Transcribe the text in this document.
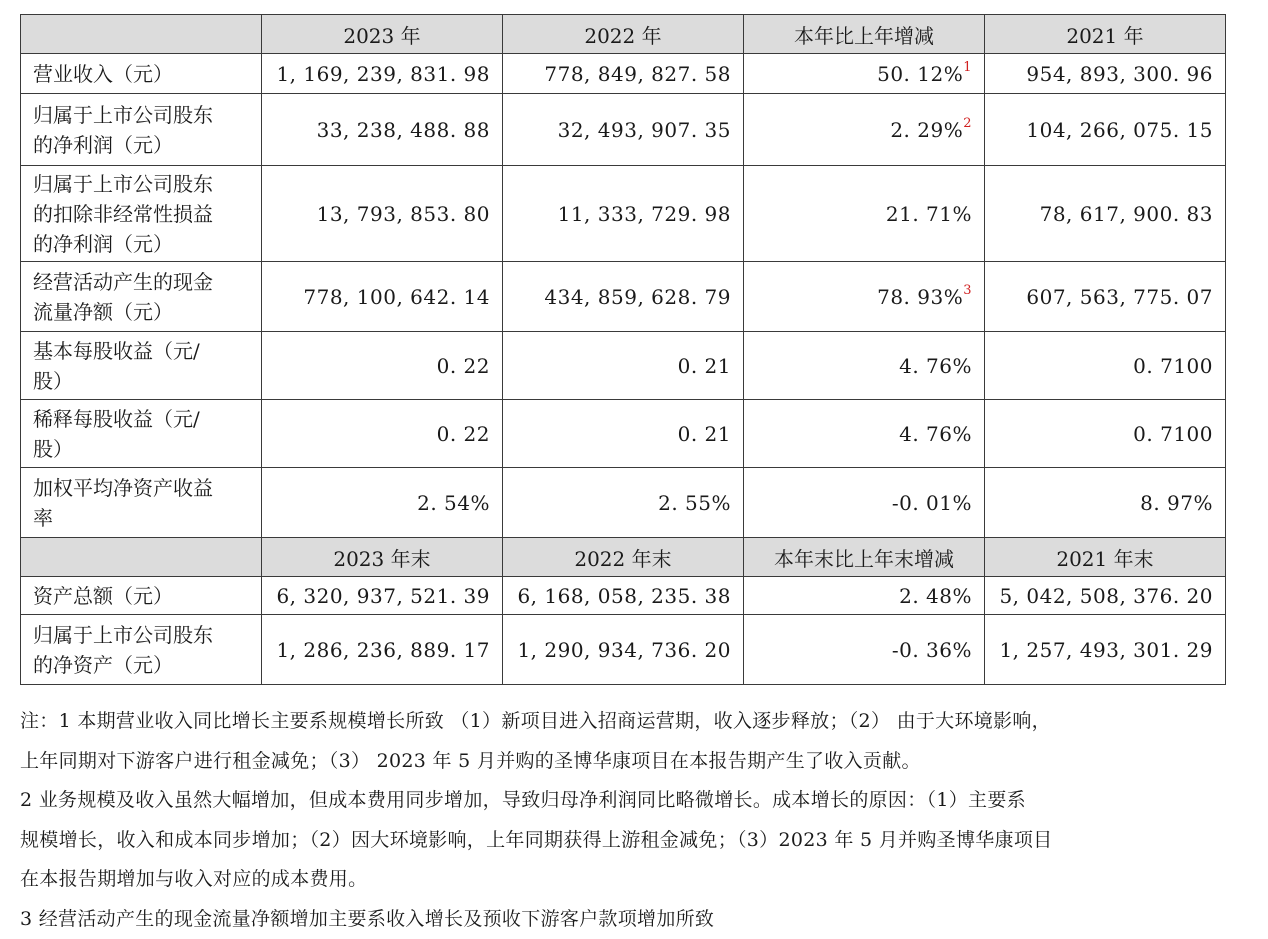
	2023 年	2022 年	本年比上年增减	2021 年

营业收入（元）	1, 169, 239, 831. 98	778, 849, 827. 58	50. 12%$^1$	954, 893, 300. 96

归属于上市公司股东
的净利润（元）	33, 238, 488. 88	32, 493, 907. 35	2. 29%$^2$	104, 266, 075. 15

归属于上市公司股东
的扣除非经常性损益
的净利润（元）	13, 793, 853. 80	11, 333, 729. 98	21. 71%	78, 617, 900. 83

经营活动产生的现金
流量净额（元）	778, 100, 642. 14	434, 859, 628. 79	78. 93%$^3$	607, 563, 775. 07

基本每股收益（元/
股）	0. 22	0. 21	4. 76%	0. 7100

稀释每股收益（元/
股）	0. 22	0. 21	4. 76%	0. 7100

加权平均净资产收益
率	2. 54%	2. 55%	-0. 01%	8. 97%
	2023 年末	2022 年末	本年末比上年末增减	2021 年末

资产总额（元）	6, 320, 937, 521. 39	6, 168, 058, 235. 38	2. 48%	5, 042, 508, 376. 20

归属于上市公司股东
的净资产（元）	1, 286, 236, 889. 17	1, 290, 934, 736. 20	-0. 36%	1, 257, 493, 301. 29

注：1 本期营业收入同比增长主要系规模增长所致 （1）新项目进入招商运营期，收入逐步释放；（2） 由于大环境影响，

上年同期对下游客户进行租金减免；（3） 2023 年 5 月并购的圣博华康项目在本报告期产生了收入贡献。

2 业务规模及收入虽然大幅增加，但成本费用同步增加，导致归母净利润同比略微增长。成本增长的原因：（1）主要系

规模增长，收入和成本同步增加；（2）因大环境影响，上年同期获得上游租金减免；（3）2023 年 5 月并购圣博华康项目

在本报告期增加与收入对应的成本费用。

3 经营活动产生的现金流量净额增加主要系收入增长及预收下游客户款项增加所致
